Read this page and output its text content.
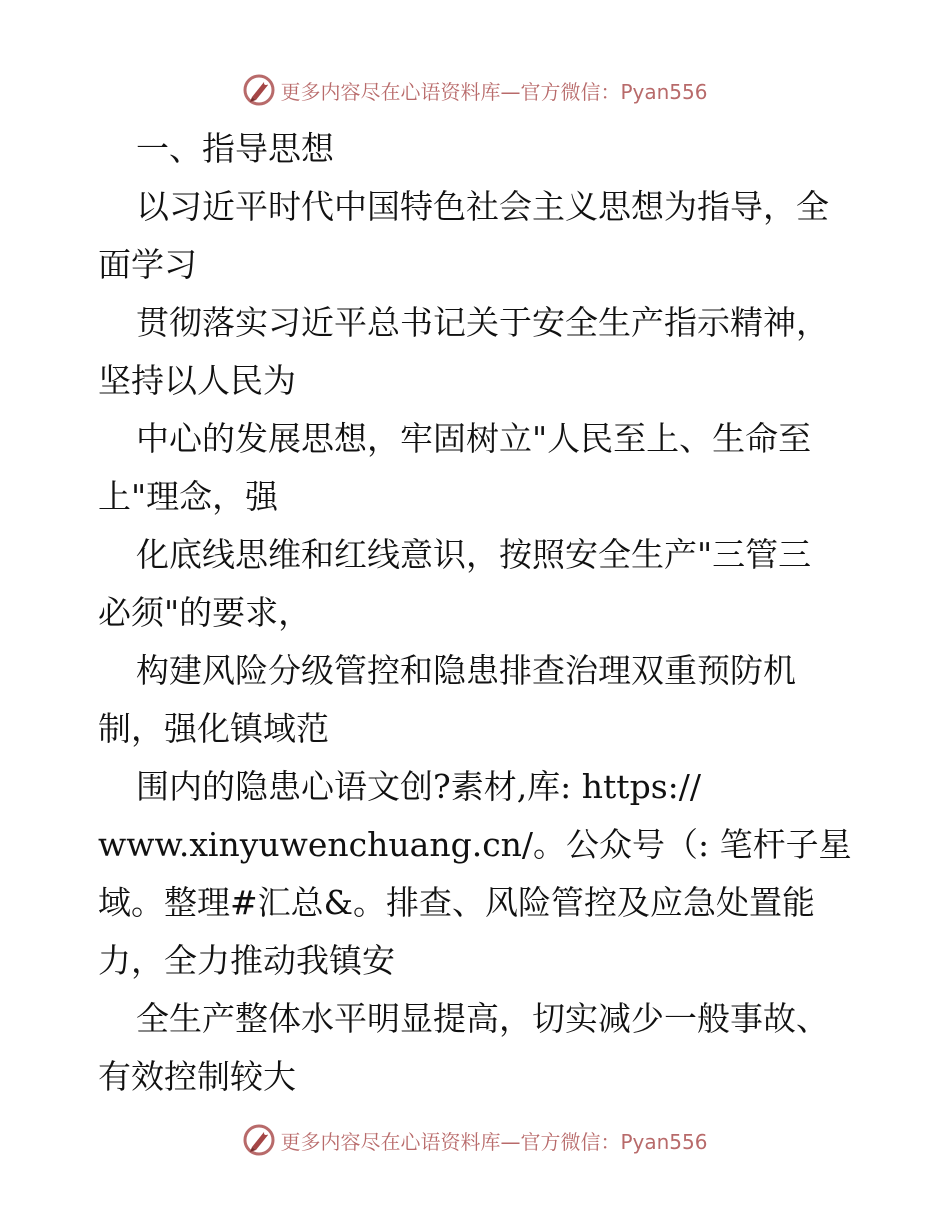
更多内容尽在心语资料库—官方微信：Pyan556
一、指导思想
以习近平时代中国特色社会主义思想为指导，全
面学习
贯彻落实习近平总书记关于安全生产指示精神，
坚持以人民为
中心的发展思想，牢固树立"人民至上、生命至
上"理念，强
化底线思维和红线意识，按照安全生产"三管三
必须"的要求，
构建风险分级管控和隐患排查治理双重预防机
制，强化镇域范
围内的隐患心语文创?素材,库: https://
www.xinyuwenchuang.cn/。公众号（: 笔杆子星
域。整理#汇总&。排查、风险管控及应急处置能
力，全力推动我镇安
全生产整体水平明显提高，切实减少一般事故、
有效控制较大
更多内容尽在心语资料库—官方微信：Pyan556
